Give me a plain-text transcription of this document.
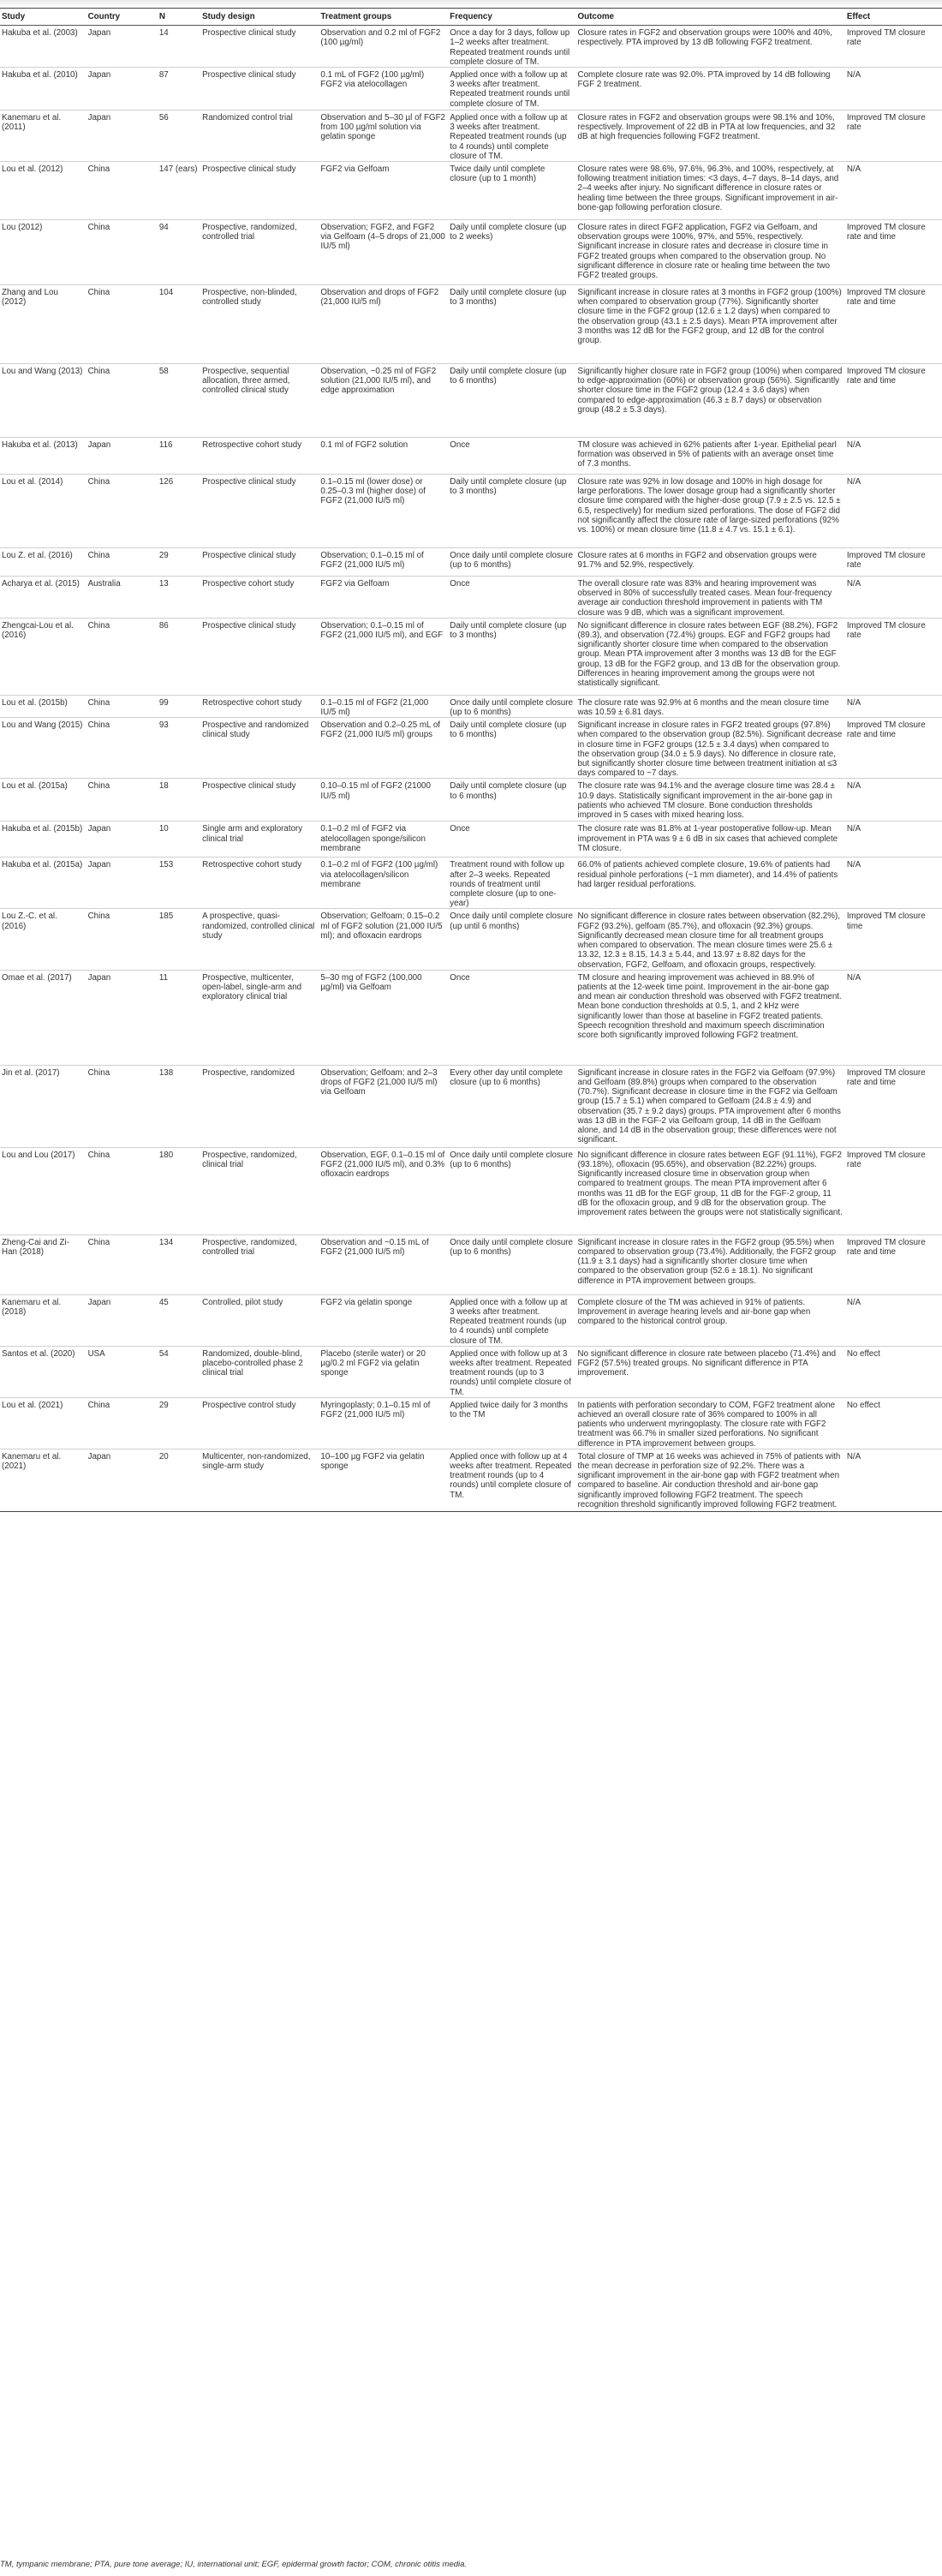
Study	Country	N	Study design	Treatment groups	Frequency	Outcome	Effect
Hakuba et al. (2003)	Japan	14	Prospective clinical study	Observation and 0.2 ml of FGF2 (100 µg/ml)	Once a day for 3 days, follow up 1–2 weeks after treatment. Repeated treatment rounds until complete closure of TM.	Closure rates in FGF2 and observation groups were 100% and 40%, respectively. PTA improved by 13 dB following FGF2 treatment.	Improved TM closure rate
Hakuba et al. (2010)	Japan	87	Prospective clinical study	0.1 mL of FGF2 (100 µg/ml) FGF2 via atelocollagen	Applied once with a follow up at 3 weeks after treatment. Repeated treatment rounds until complete closure of TM.	Complete closure rate was 92.0%. PTA improved by 14 dB following FGF 2 treatment.	N/A
Kanemaru et al. (2011)	Japan	56	Randomized control trial	Observation and 5–30 µl of FGF2 from 100 µg/ml solution via gelatin sponge	Applied once with a follow up at 3 weeks after treatment. Repeated treatment rounds (up to 4 rounds) until complete closure of TM.	Closure rates in FGF2 and observation groups were 98.1% and 10%, respectively. Improvement of 22 dB in PTA at low frequencies, and 32 dB at high frequencies following FGF2 treatment.	Improved TM closure rate
Lou et al. (2012)	China	147 (ears)	Prospective clinical study	FGF2 via Gelfoam	Twice daily until complete closure (up to 1 month)	Closure rates were 98.6%, 97.6%, 96.3%, and 100%, respectively, at following treatment initiation times: <3 days, 4–7 days, 8–14 days, and 2–4 weeks after injury. No significant difference in closure rates or healing time between the three groups. Significant improvement in air-bone-gap following perforation closure.	N/A
Lou (2012)	China	94	Prospective, randomized, controlled trial	Observation; FGF2, and FGF2 via Gelfoam (4–5 drops of 21,000 IU/5 ml)	Daily until complete closure (up to 2 weeks)	Closure rates in direct FGF2 application, FGF2 via Gelfoam, and observation groups were 100%, 97%, and 55%, respectively. Significant increase in closure rates and decrease in closure time in FGF2 treated groups when compared to the observation group. No significant difference in closure rate or healing time between the two FGF2 treated groups.	Improved TM closure rate and time
Zhang and Lou (2012)	China	104	Prospective, non-blinded, controlled study	Observation and drops of FGF2 (21,000 IU/5 ml)	Daily until complete closure (up to 3 months)	Significant increase in closure rates at 3 months in FGF2 group (100%) when compared to observation group (77%). Significantly shorter closure time in the FGF2 group (12.6 ± 1.2 days) when compared to the observation group (43.1 ± 2.5 days). Mean PTA improvement after 3 months was 12 dB for the FGF2 group, and 12 dB for the control group.	Improved TM closure rate and time
Lou and Wang (2013)	China	58	Prospective, sequential allocation, three armed, controlled clinical study	Observation, ~0.25 ml of FGF2 solution (21,000 IU/5 ml), and edge approximation	Daily until complete closure (up to 6 months)	Significantly higher closure rate in FGF2 group (100%) when compared to edge-approximation (60%) or observation group (56%). Significantly shorter closure time in the FGF2 group (12.4 ± 3.6 days) when compared to edge-approximation (46.3 ± 8.7 days) or observation group (48.2 ± 5.3 days).	Improved TM closure rate and time
Hakuba et al. (2013)	Japan	116	Retrospective cohort study	0.1 ml of FGF2 solution	Once	TM closure was achieved in 62% patients after 1-year. Epithelial pearl formation was observed in 5% of patients with an average onset time of 7.3 months.	N/A
Lou et al. (2014)	China	126	Prospective clinical study	0.1–0.15 ml (lower dose) or 0.25–0.3 ml (higher dose) of FGF2 (21,000 IU/5 ml)	Daily until complete closure (up to 3 months)	Closure rate was 92% in low dosage and 100% in high dosage for large perforations. The lower dosage group had a significantly shorter closure time compared with the higher-dose group (7.9 ± 2.5 vs. 12.5 ± 6.5, respectively) for medium sized perforations. The dose of FGF2 did not significantly affect the closure rate of large-sized perforations (92% vs. 100%) or mean closure time (11.8 ± 4.7 vs. 15.1 ± 6.1).	N/A
Lou Z. et al. (2016)	China	29	Prospective clinical study	Observation; 0.1–0.15 ml of FGF2 (21,000 IU/5 ml)	Once daily until complete closure (up to 6 months)	Closure rates at 6 months in FGF2 and observation groups were 91.7% and 52.9%, respectively.	Improved TM closure rate
Acharya et al. (2015)	Australia	13	Prospective cohort study	FGF2 via Gelfoam	Once	The overall closure rate was 83% and hearing improvement was observed in 80% of successfully treated cases. Mean four-frequency average air conduction threshold improvement in patients with TM closure was 9 dB, which was a significant improvement.	N/A
Zhengcai-Lou et al. (2016)	China	86	Prospective clinical study	Observation; 0.1–0.15 ml of FGF2 (21,000 IU/5 ml), and EGF	Daily until complete closure (up to 3 months)	No significant difference in closure rates between EGF (88.2%), FGF2 (89.3), and observation (72.4%) groups. EGF and FGF2 groups had significantly shorter closure time when compared to the observation group. Mean PTA improvement after 3 months was 13 dB for the EGF group, 13 dB for the FGF2 group, and 13 dB for the observation group. Differences in hearing improvement among the groups were not statistically significant.	Improved TM closure rate
Lou et al. (2015b)	China	99	Retrospective cohort study	0.1–0.15 ml of FGF2 (21,000 IU/5 ml)	Once daily until complete closure (up to 6 months)	The closure rate was 92.9% at 6 months and the mean closure time was 10.59 ± 6.81 days.	N/A
Lou and Wang (2015)	China	93	Prospective and randomized clinical study	Observation and 0.2–0.25 mL of FGF2 (21,000 IU/5 ml) groups	Daily until complete closure (up to 6 months)	Significant increase in closure rates in FGF2 treated groups (97.8%) when compared to the observation group (82.5%). Significant decrease in closure time in FGF2 groups (12.5 ± 3.4 days) when compared to the observation group (34.0 ± 5.9 days). No difference in closure rate, but significantly shorter closure time between treatment initiation at ≤3 days compared to ~7 days.	Improved TM closure rate and time
Lou et al. (2015a)	China	18	Prospective clinical study	0.10–0.15 ml of FGF2 (21000 IU/5 ml)	Daily until complete closure (up to 6 months)	The closure rate was 94.1% and the average closure time was 28.4 ± 10.9 days. Statistically significant improvement in the air-bone gap in patients who achieved TM closure. Bone conduction thresholds improved in 5 cases with mixed hearing loss.	N/A
Hakuba et al. (2015b)	Japan	10	Single arm and exploratory clinical trial	0.1–0.2 ml of FGF2 via atelocollagen sponge/silicon membrane	Once	The closure rate was 81.8% at 1-year postoperative follow-up. Mean improvement in PTA was 9 ± 6 dB in six cases that achieved complete TM closure.	N/A
Hakuba et al. (2015a)	Japan	153	Retrospective cohort study	0.1–0.2 ml of FGF2 (100 µg/ml) via atelocollagen/silicon membrane	Treatment round with follow up after 2–3 weeks. Repeated rounds of treatment until complete closure (up to one-year)	66.0% of patients achieved complete closure, 19.6% of patients had residual pinhole perforations (~1 mm diameter), and 14.4% of patients had larger residual perforations.	N/A
Lou Z.-C. et al. (2016)	China	185	A prospective, quasi-randomized, controlled clinical study	Observation; Gelfoam; 0.15–0.2 ml of FGF2 solution (21,000 IU/5 ml); and ofloxacin eardrops	Once daily until complete closure (up until 6 months)	No significant difference in closure rates between observation (82.2%), FGF2 (93.2%), gelfoam (85.7%), and ofloxacin (92.3%) groups. Significantly decreased mean closure time for all treatment groups when compared to observation. The mean closure times were 25.6 ± 13.32, 12.3 ± 8.15, 14.3 ± 5.44, and 13.97 ± 8.82 days for the observation, FGF2, Gelfoam, and ofloxacin groups, respectively.	Improved TM closure time
Omae et al. (2017)	Japan	11	Prospective, multicenter, open-label, single-arm and exploratory clinical trial	5–30 mg of FGF2 (100,000 µg/ml) via Gelfoam	Once	TM closure and hearing improvement was achieved in 88.9% of patients at the 12-week time point. Improvement in the air-bone gap and mean air conduction threshold was observed with FGF2 treatment. Mean bone conduction thresholds at 0.5, 1, and 2 kHz were significantly lower than those at baseline in FGF2 treated patients. Speech recognition threshold and maximum speech discrimination score both significantly improved following FGF2 treatment.	N/A
Jin et al. (2017)	China	138	Prospective, randomized	Observation; Gelfoam; and 2–3 drops of FGF2 (21,000 IU/5 ml) via Gelfoam	Every other day until complete closure (up to 6 months)	Significant increase in closure rates in the FGF2 via Gelfoam (97.9%) and Gelfoam (89.8%) groups when compared to the observation (70.7%). Significant decrease in closure time in the FGF2 via Gelfoam group (15.7 ± 5.1) when compared to Gelfoam (24.8 ± 4.9) and observation (35.7 ± 9.2 days) groups. PTA improvement after 6 months was 13 dB in the FGF-2 via Gelfoam group, 14 dB in the Gelfoam alone, and 14 dB in the observation group; these differences were not significant.	Improved TM closure rate and time
Lou and Lou (2017)	China	180	Prospective, randomized, clinical trial	Observation, EGF, 0.1–0.15 ml of FGF2 (21,000 IU/5 ml), and 0.3% ofloxacin eardrops	Once daily until complete closure (up to 6 months)	No significant difference in closure rates between EGF (91.11%), FGF2 (93.18%), ofloxacin (95.65%), and observation (82.22%) groups. Significantly increased closure time in observation group when compared to treatment groups. The mean PTA improvement after 6 months was 11 dB for the EGF group, 11 dB for the FGF-2 group, 11 dB for the ofloxacin group, and 9 dB for the observation group. The improvement rates between the groups were not statistically significant.	Improved TM closure rate
Zheng-Cai and Zi-Han (2018)	China	134	Prospective, randomized, controlled trial	Observation and ~0.15 mL of FGF2 (21,000 IU/5 ml)	Once daily until complete closure (up to 6 months)	Significant increase in closure rates in the FGF2 group (95.5%) when compared to observation group (73.4%). Additionally, the FGF2 group (11.9 ± 3.1 days) had a significantly shorter closure time when compared to the observation group (52.6 ± 18.1). No significant difference in PTA improvement between groups.	Improved TM closure rate and time
Kanemaru et al. (2018)	Japan	45	Controlled, pilot study	FGF2 via gelatin sponge	Applied once with a follow up at 3 weeks after treatment. Repeated treatment rounds (up to 4 rounds) until complete closure of TM.	Complete closure of the TM was achieved in 91% of patients. Improvement in average hearing levels and air-bone gap when compared to the historical control group.	N/A
Santos et al. (2020)	USA	54	Randomized, double-blind, placebo-controlled phase 2 clinical trial	Placebo (sterile water) or 20 µg/0.2 ml FGF2 via gelatin sponge	Applied once with follow up at 3 weeks after treatment. Repeated treatment rounds (up to 3 rounds) until complete closure of TM.	No significant difference in closure rate between placebo (71.4%) and FGF2 (57.5%) treated groups. No significant difference in PTA improvement.	No effect
Lou et al. (2021)	China	29	Prospective control study	Myringoplasty; 0.1–0.15 ml of FGF2 (21,000 IU/5 ml)	Applied twice daily for 3 months to the TM	In patients with perforation secondary to COM, FGF2 treatment alone achieved an overall closure rate of 36% compared to 100% in all patients who underwent myringoplasty. The closure rate with FGF2 treatment was 66.7% in smaller sized perforations. No significant difference in PTA improvement between groups.	No effect
Kanemaru et al. (2021)	Japan	20	Multicenter, non-randomized, single-arm study	10–100 µg FGF2 via gelatin sponge	Applied once with follow up at 4 weeks after treatment. Repeated treatment rounds (up to 4 rounds) until complete closure of TM.	Total closure of TMP at 16 weeks was achieved in 75% of patients with the mean decrease in perforation size of 92.2%. There was a significant improvement in the air-bone gap with FGF2 treatment when compared to baseline. Air conduction threshold and air-bone gap significantly improved following FGF2 treatment. The speech recognition threshold significantly improved following FGF2 treatment.	N/A
TM, tympanic membrane; PTA, pure tone average; IU, international unit; EGF, epidermal growth factor; COM, chronic otitis media.
